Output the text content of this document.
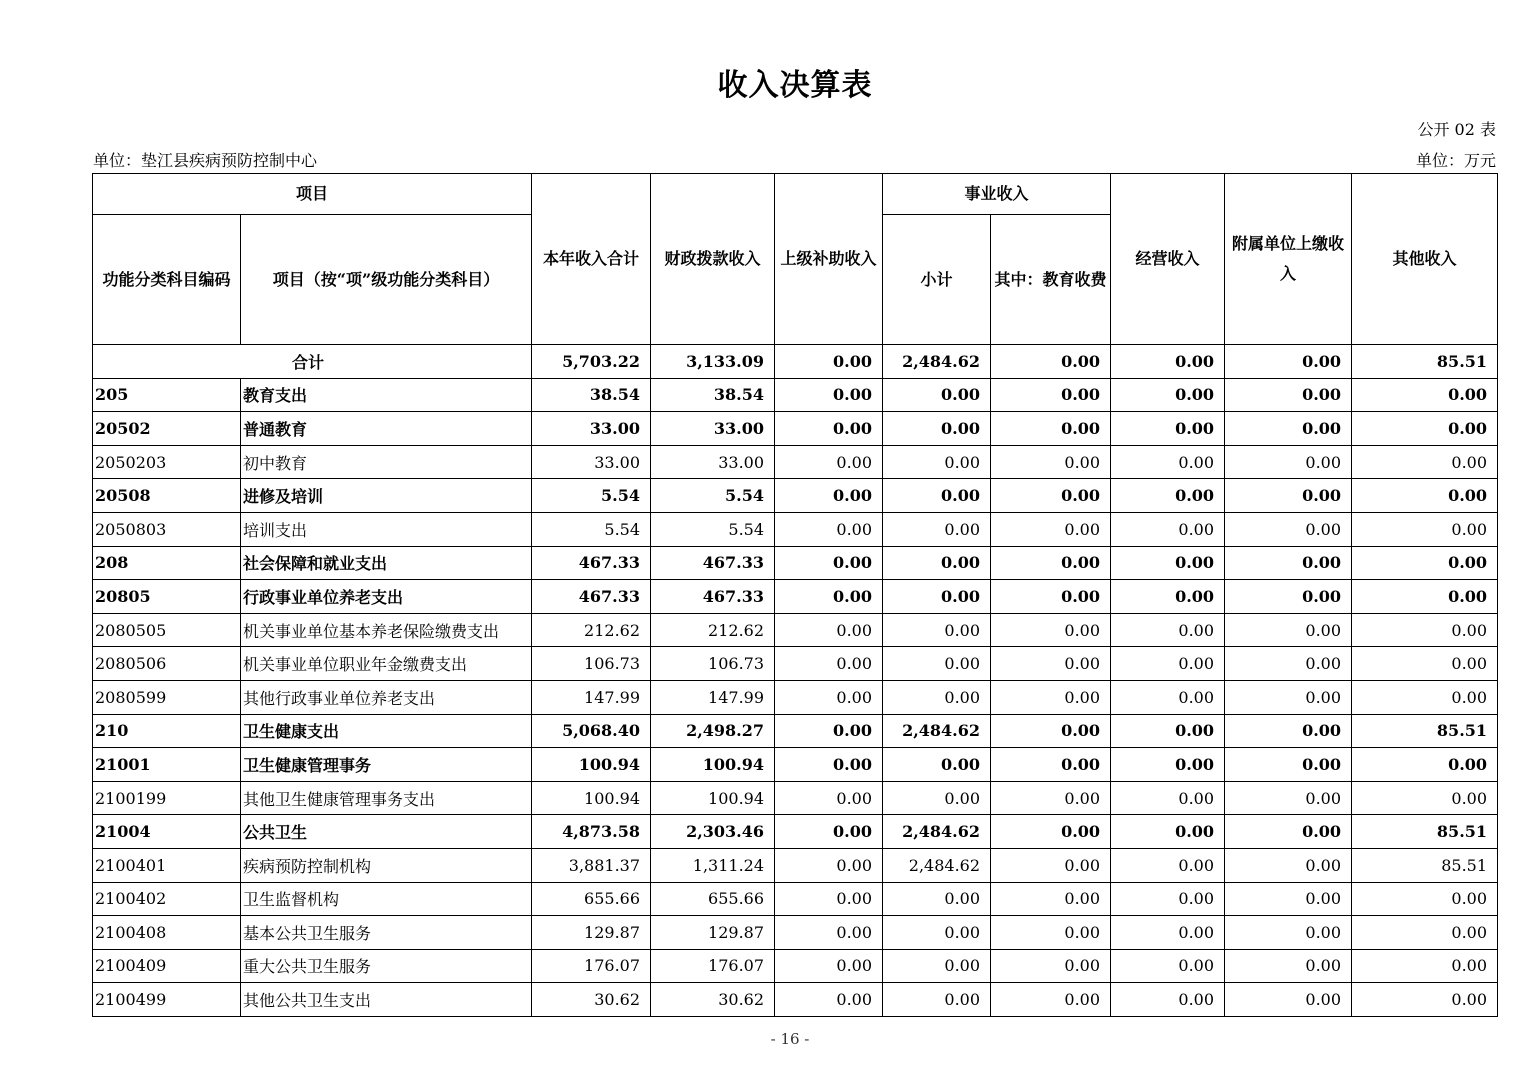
收入决算表
公开 02 表
单位：垫江县疾病预防控制中心	单位：万元
项目		本年收入合计	财政拨款收入	上级补助收入	事业收入		经营收入	附属单位上缴收入	其他收入
功能分类科目编码	项目（按“项”级功能分类科目）				小计	其中：教育收费			
合计		5,703.22	3,133.09	0.00	2,484.62	0.00	0.00	0.00	85.51
205	教育支出	38.54	38.54	0.00	0.00	0.00	0.00	0.00	0.00
20502	普通教育	33.00	33.00	0.00	0.00	0.00	0.00	0.00	0.00
2050203	初中教育	33.00	33.00	0.00	0.00	0.00	0.00	0.00	0.00
20508	进修及培训	5.54	5.54	0.00	0.00	0.00	0.00	0.00	0.00
2050803	培训支出	5.54	5.54	0.00	0.00	0.00	0.00	0.00	0.00
208	社会保障和就业支出	467.33	467.33	0.00	0.00	0.00	0.00	0.00	0.00
20805	行政事业单位养老支出	467.33	467.33	0.00	0.00	0.00	0.00	0.00	0.00
2080505	机关事业单位基本养老保险缴费支出	212.62	212.62	0.00	0.00	0.00	0.00	0.00	0.00
2080506	机关事业单位职业年金缴费支出	106.73	106.73	0.00	0.00	0.00	0.00	0.00	0.00
2080599	其他行政事业单位养老支出	147.99	147.99	0.00	0.00	0.00	0.00	0.00	0.00
210	卫生健康支出	5,068.40	2,498.27	0.00	2,484.62	0.00	0.00	0.00	85.51
21001	卫生健康管理事务	100.94	100.94	0.00	0.00	0.00	0.00	0.00	0.00
2100199	其他卫生健康管理事务支出	100.94	100.94	0.00	0.00	0.00	0.00	0.00	0.00
21004	公共卫生	4,873.58	2,303.46	0.00	2,484.62	0.00	0.00	0.00	85.51
2100401	疾病预防控制机构	3,881.37	1,311.24	0.00	2,484.62	0.00	0.00	0.00	85.51
2100402	卫生监督机构	655.66	655.66	0.00	0.00	0.00	0.00	0.00	0.00
2100408	基本公共卫生服务	129.87	129.87	0.00	0.00	0.00	0.00	0.00	0.00
2100409	重大公共卫生服务	176.07	176.07	0.00	0.00	0.00	0.00	0.00	0.00
2100499	其他公共卫生支出	30.62	30.62	0.00	0.00	0.00	0.00	0.00	0.00
- 16 -
